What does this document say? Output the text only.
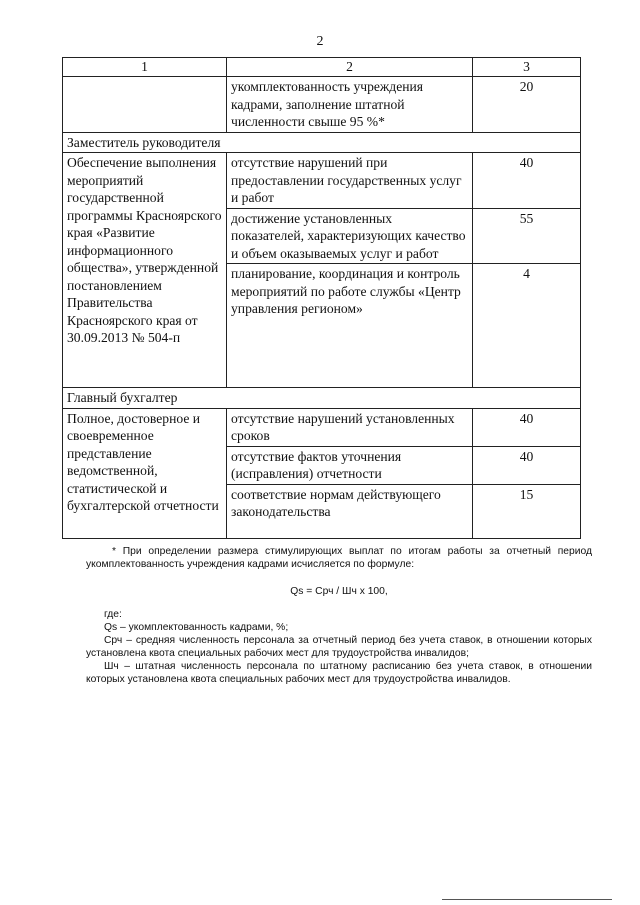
2
1	2	3
	укомплектованность учреждения кадрами, заполнение штатной численности свыше 95 %*	20
Заместитель руководителя		
Обеспечение выполнения мероприятий государственной программы Красноярского края «Развитие информационного общества», утвержденной постановлением Правительства Красноярского края от 30.09.2013 № 504-п	отсутствие нарушений при предоставлении государственных услуг и работ	40
	достижение установленных показателей, характеризующих качество и объем оказываемых услуг и работ	55
	планирование, координация и контроль мероприятий по работе службы «Центр управления регионом»	4
Главный бухгалтер		
Полное, достоверное и своевременное представление ведомственной, статистической и бухгалтерской отчетности	отсутствие нарушений установленных сроков	40
	отсутствие фактов уточнения (исправления) отчетности	40
	соответствие нормам действующего законодательства	15

* При определении размера стимулирующих выплат по итогам работы за отчетный период укомплектованность учреждения кадрами исчисляется по формуле:

Qs = Срч / Шч х 100,

где:

Qs – укомплектованность кадрами, %;

Срч – средняя численность персонала за отчетный период без учета ставок, в отношении которых установлена квота специальных рабочих мест для трудоустройства инвалидов;

Шч – штатная численность персонала по штатному расписанию без учета ставок, в отношении которых установлена квота специальных рабочих мест для трудоустройства инвалидов.
